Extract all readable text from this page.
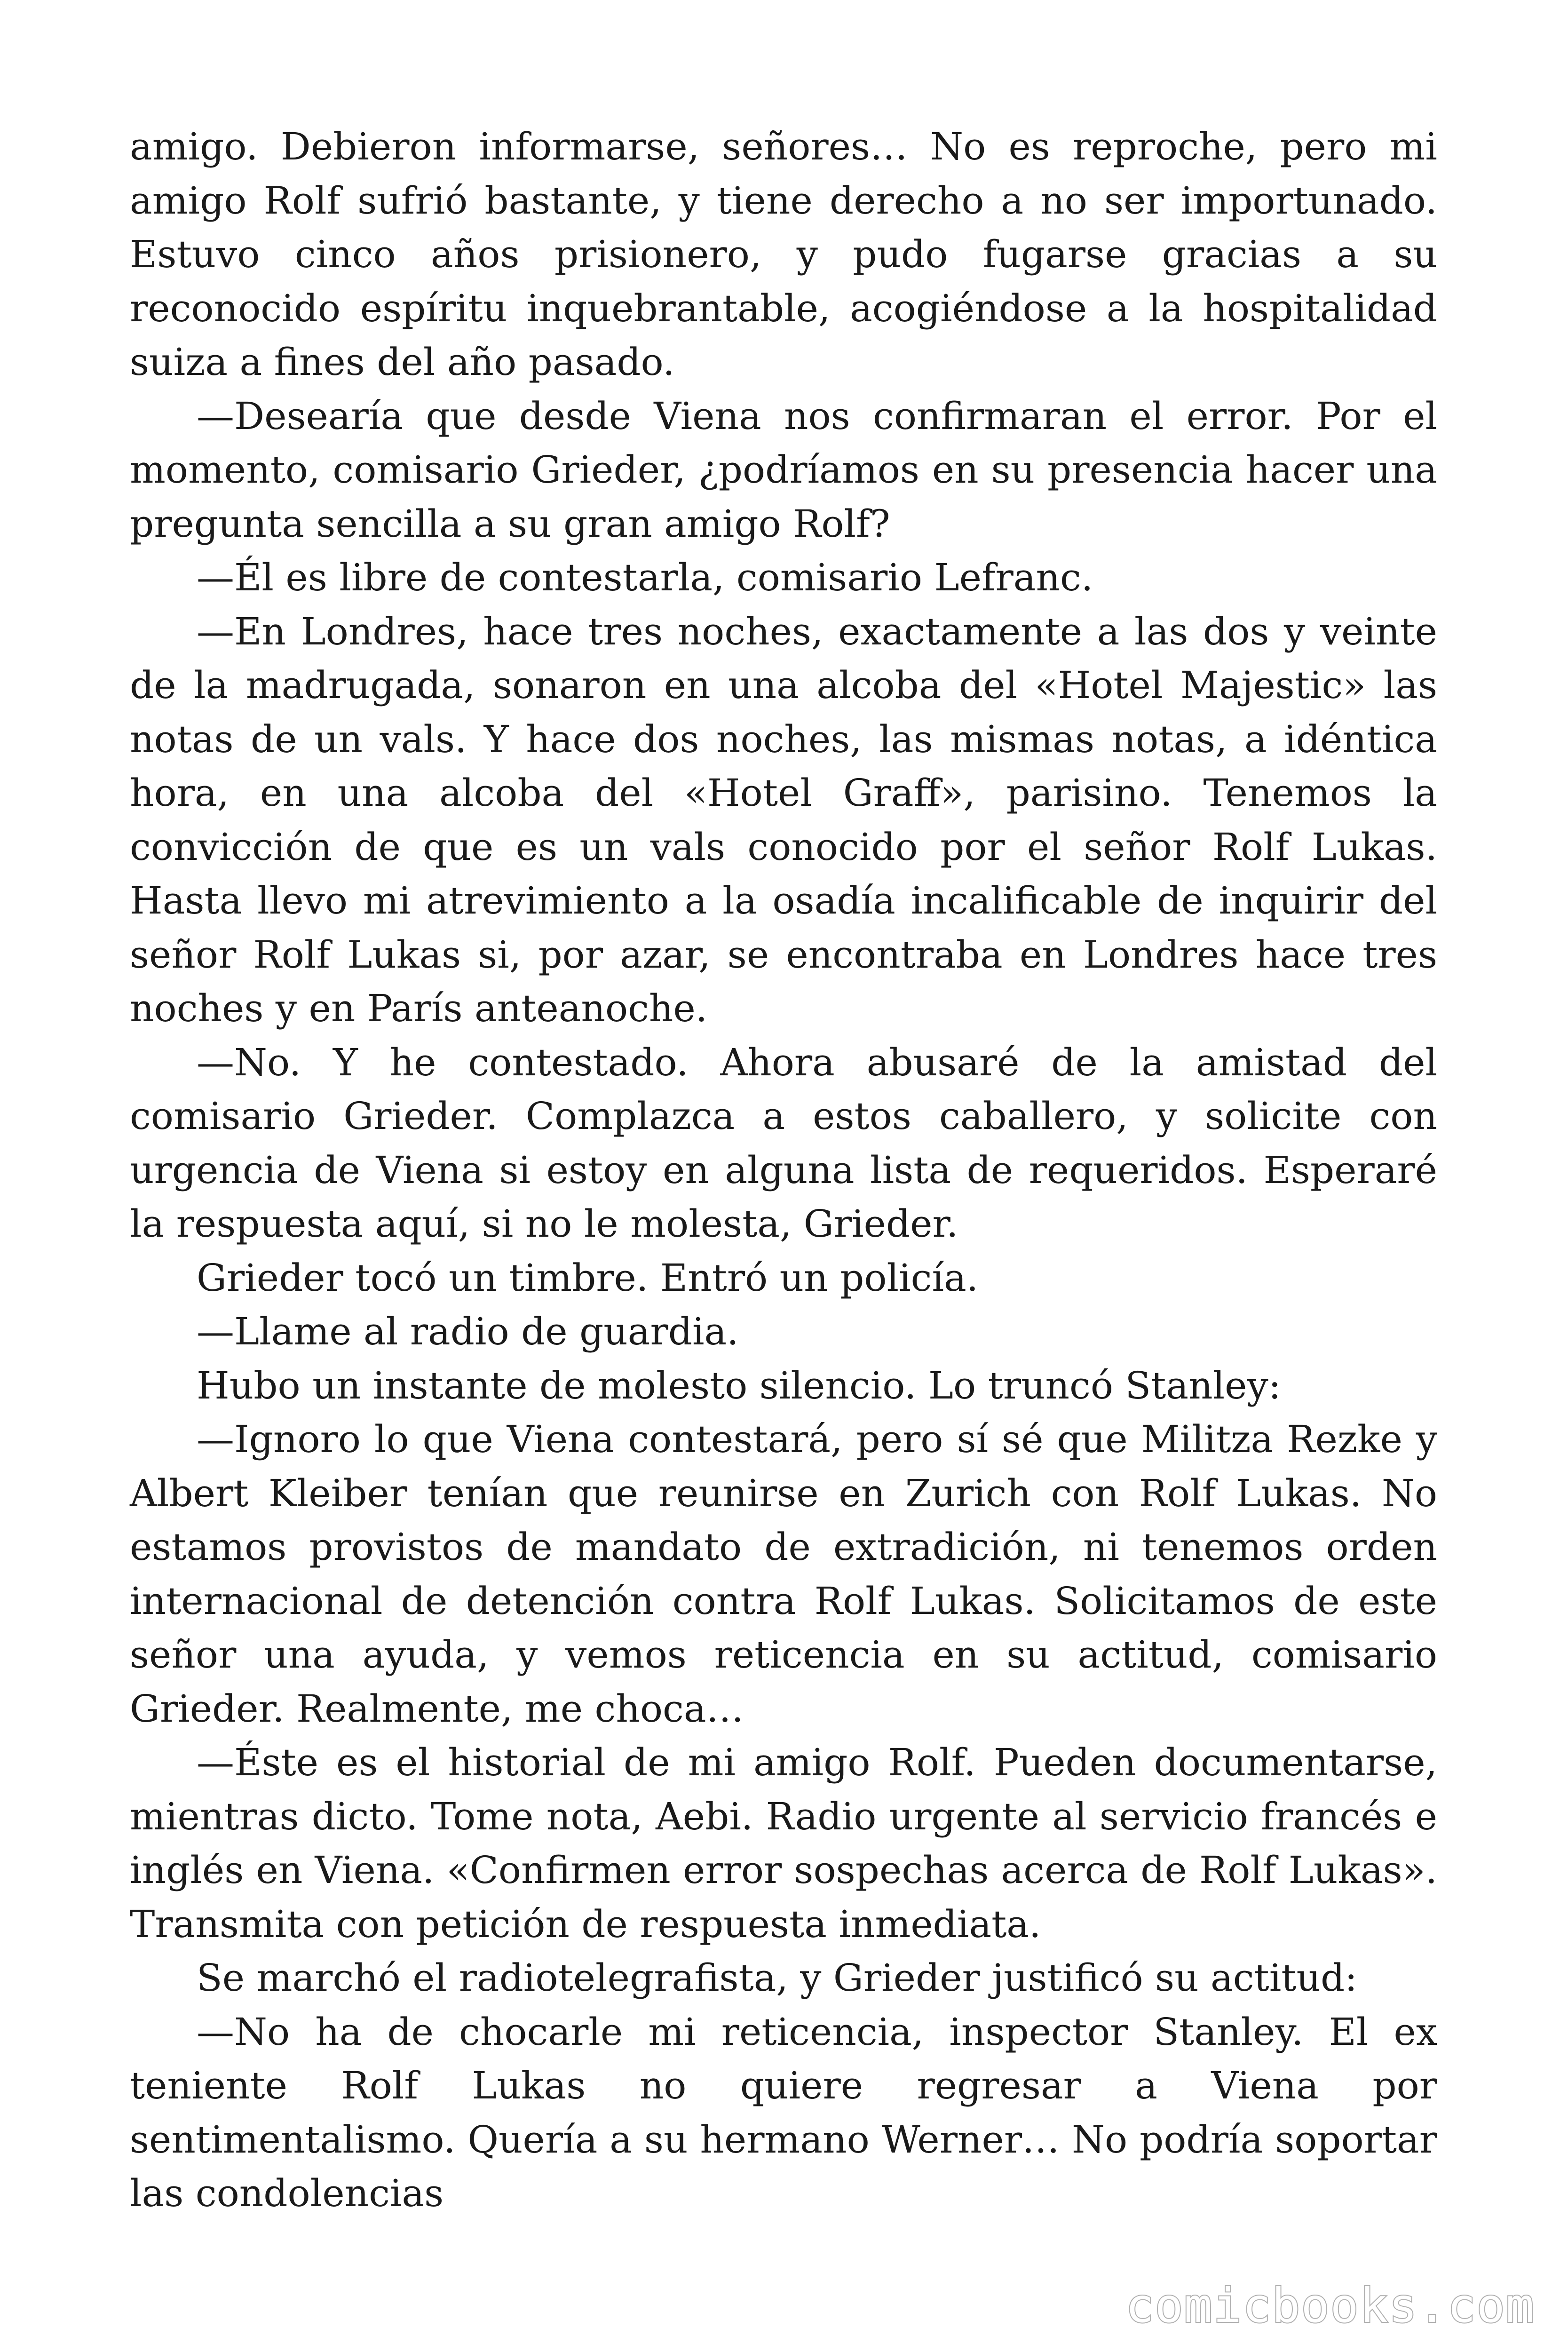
amigo. Debieron informarse, señores… No es reproche, pero mi amigo Rolf sufrió bastante, y tiene derecho a no ser importunado. Estuvo cinco años prisionero, y pudo fugarse gracias a su reconocido espíritu inquebrantable, acogiéndose a la hospitalidad suiza a fines del año pasado.

—Desearía que desde Viena nos confirmaran el error. Por el momento, comisario Grieder, ¿podríamos en su presencia hacer una pregunta sencilla a su gran amigo Rolf?

—Él es libre de contestarla, comisario Lefranc.

—En Londres, hace tres noches, exactamente a las dos y veinte de la madrugada, sonaron en una alcoba del «Hotel Majestic» las notas de un vals. Y hace dos noches, las mismas notas, a idéntica hora, en una alcoba del «Hotel Graff», parisino. Tenemos la convicción de que es un vals conocido por el señor Rolf Lukas. Hasta llevo mi atrevimiento a la osadía incalificable de inquirir del señor Rolf Lukas si, por azar, se encontraba en Londres hace tres noches y en París anteanoche.

—No. Y he contestado. Ahora abusaré de la amistad del comisario Grieder. Complazca a estos caballero, y solicite con urgencia de Viena si estoy en alguna lista de requeridos. Esperaré la respuesta aquí, si no le molesta, Grieder.

Grieder tocó un timbre. Entró un policía.

—Llame al radio de guardia.

Hubo un instante de molesto silencio. Lo truncó Stanley:

—Ignoro lo que Viena contestará, pero sí sé que Militza Rezke y Albert Kleiber tenían que reunirse en Zurich con Rolf Lukas. No estamos provistos de mandato de extradición, ni tenemos orden internacional de detención contra Rolf Lukas. Solicitamos de este señor una ayuda, y vemos reticencia en su actitud, comisario Grieder. Realmente, me choca…

—Éste es el historial de mi amigo Rolf. Pueden documentarse, mientras dicto. Tome nota, Aebi. Radio urgente al servicio francés e inglés en Viena. «Confirmen error sospechas acerca de Rolf Lukas». Transmita con petición de respuesta inmediata.

Se marchó el radiotelegrafista, y Grieder justificó su actitud:

—No ha de chocarle mi reticencia, inspector Stanley. El ex teniente Rolf Lukas no quiere regresar a Viena por sentimentalismo. Quería a su hermano Werner… No podría soportar las condolencias

comicbooks.com
